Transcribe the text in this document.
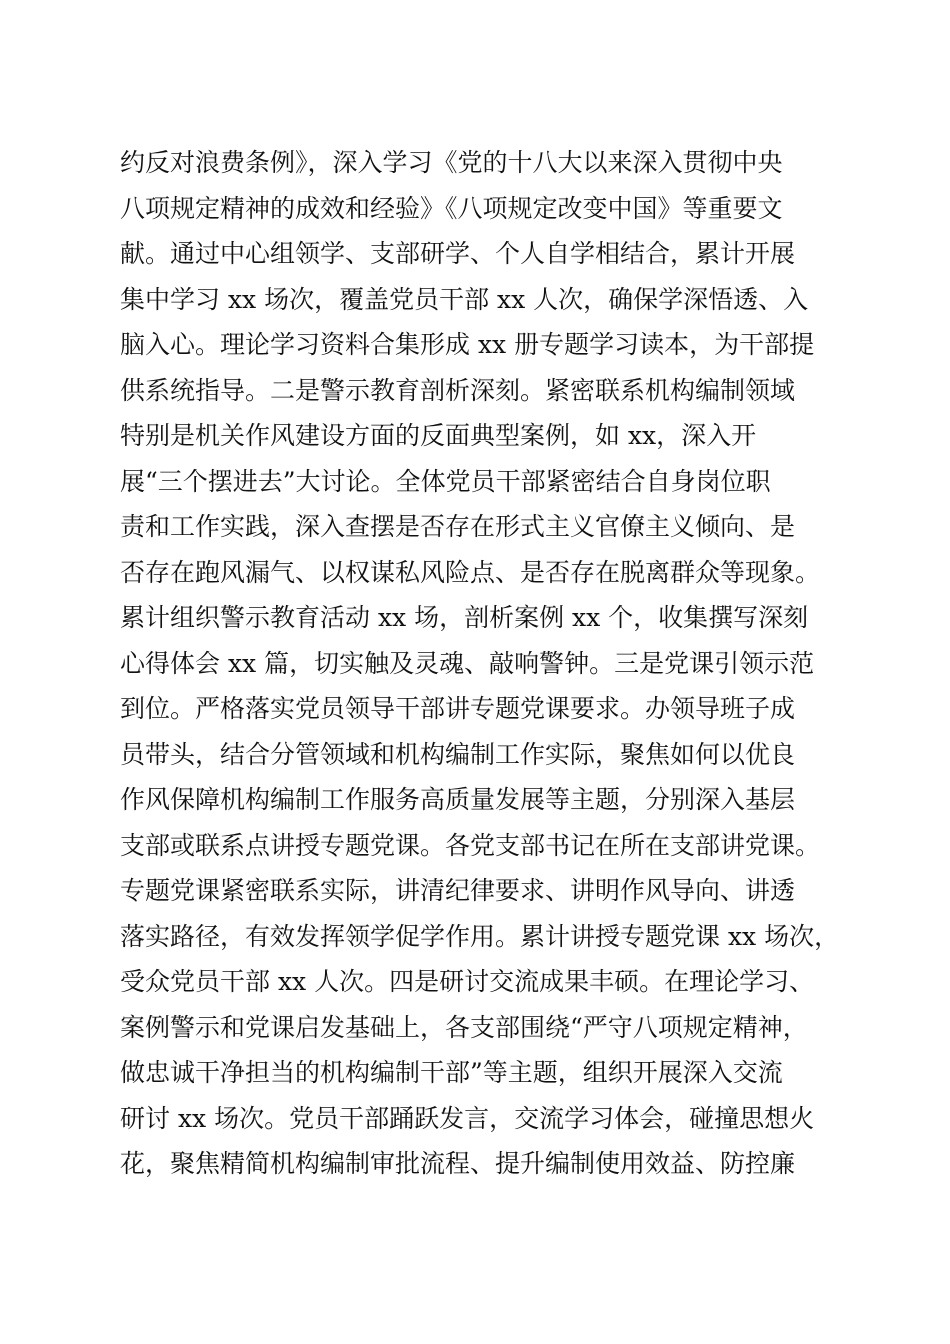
约反对浪费条例》，深入学习《党的十八大以来深入贯彻中央
八项规定精神的成效和经验》《八项规定改变中国》等重要文
献。通过中心组领学、支部研学、个人自学相结合，累计开展
集中学习 xx 场次，覆盖党员干部 xx 人次，确保学深悟透、入
脑入心。理论学习资料合集形成 xx 册专题学习读本，为干部提
供系统指导。二是警示教育剖析深刻。紧密联系机构编制领域
特别是机关作风建设方面的反面典型案例，如 xx，深入开
展“三个摆进去”大讨论。全体党员干部紧密结合自身岗位职
责和工作实践，深入查摆是否存在形式主义官僚主义倾向、是
否存在跑风漏气、以权谋私风险点、是否存在脱离群众等现象。
累计组织警示教育活动 xx 场，剖析案例 xx 个，收集撰写深刻
心得体会 xx 篇，切实触及灵魂、敲响警钟。三是党课引领示范
到位。严格落实党员领导干部讲专题党课要求。办领导班子成
员带头，结合分管领域和机构编制工作实际，聚焦如何以优良
作风保障机构编制工作服务高质量发展等主题，分别深入基层
支部或联系点讲授专题党课。各党支部书记在所在支部讲党课。
专题党课紧密联系实际，讲清纪律要求、讲明作风导向、讲透
落实路径，有效发挥领学促学作用。累计讲授专题党课 xx 场次，
受众党员干部 xx 人次。四是研讨交流成果丰硕。在理论学习、
案例警示和党课启发基础上，各支部围绕“严守八项规定精神，
做忠诚干净担当的机构编制干部”等主题，组织开展深入交流
研讨 xx 场次。党员干部踊跃发言，交流学习体会，碰撞思想火
花，聚焦精简机构编制审批流程、提升编制使用效益、防控廉
